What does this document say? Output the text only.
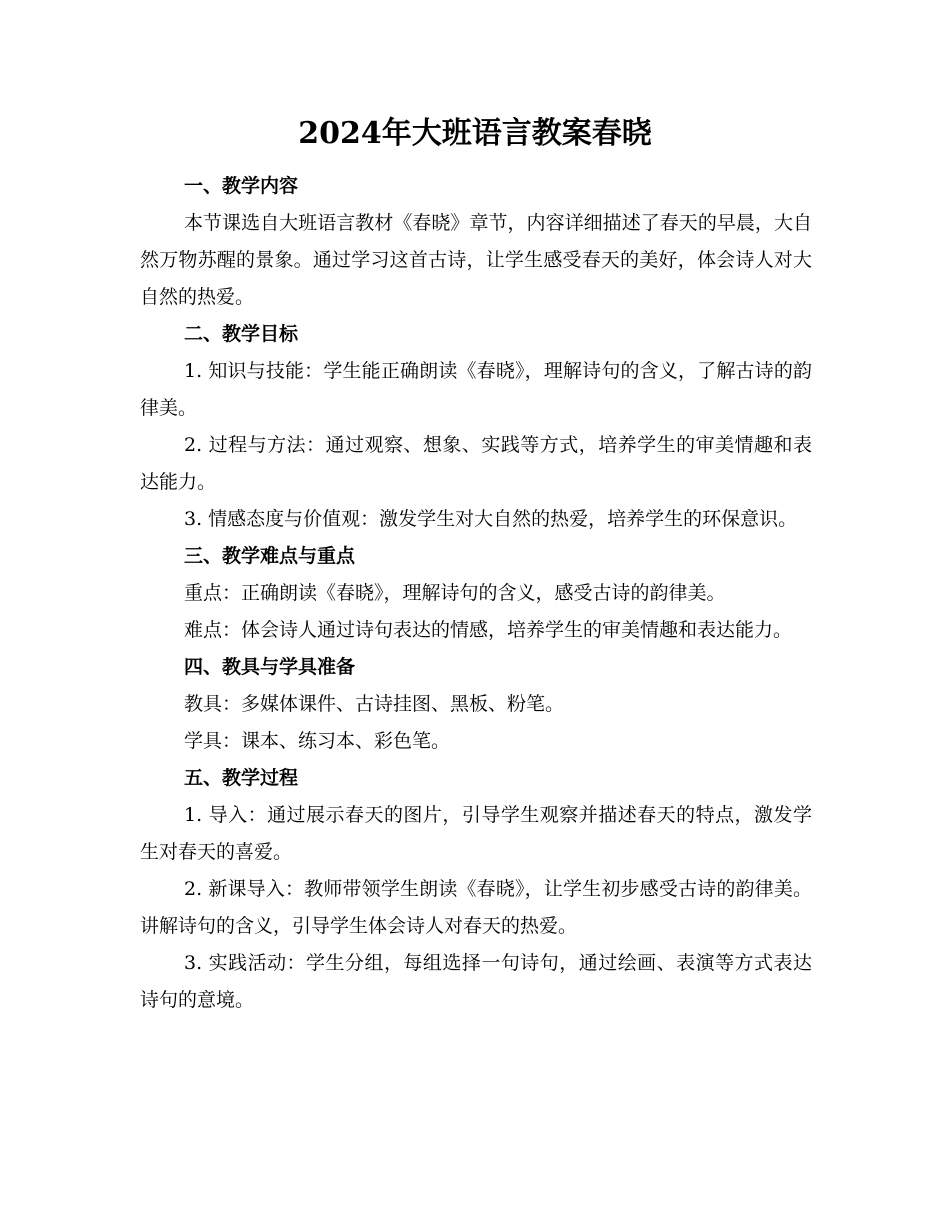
2024年大班语言教案春晓

一、教学内容

本节课选自大班语言教材《春晓》章节，内容详细描述了春天的早晨，大自然万物苏醒的景象。通过学习这首古诗，让学生感受春天的美好，体会诗人对大自然的热爱。

二、教学目标

1. 知识与技能：学生能正确朗读《春晓》，理解诗句的含义，了解古诗的韵律美。

2. 过程与方法：通过观察、想象、实践等方式，培养学生的审美情趣和表达能力。

3. 情感态度与价值观：激发学生对大自然的热爱，培养学生的环保意识。

三、教学难点与重点

重点：正确朗读《春晓》，理解诗句的含义，感受古诗的韵律美。

难点：体会诗人通过诗句表达的情感，培养学生的审美情趣和表达能力。

四、教具与学具准备

教具：多媒体课件、古诗挂图、黑板、粉笔。

学具：课本、练习本、彩色笔。

五、教学过程

1. 导入：通过展示春天的图片，引导学生观察并描述春天的特点，激发学生对春天的喜爱。

2. 新课导入：教师带领学生朗读《春晓》，让学生初步感受古诗的韵律美。讲解诗句的含义，引导学生体会诗人对春天的热爱。

3. 实践活动：学生分组，每组选择一句诗句，通过绘画、表演等方式表达诗句的意境。
